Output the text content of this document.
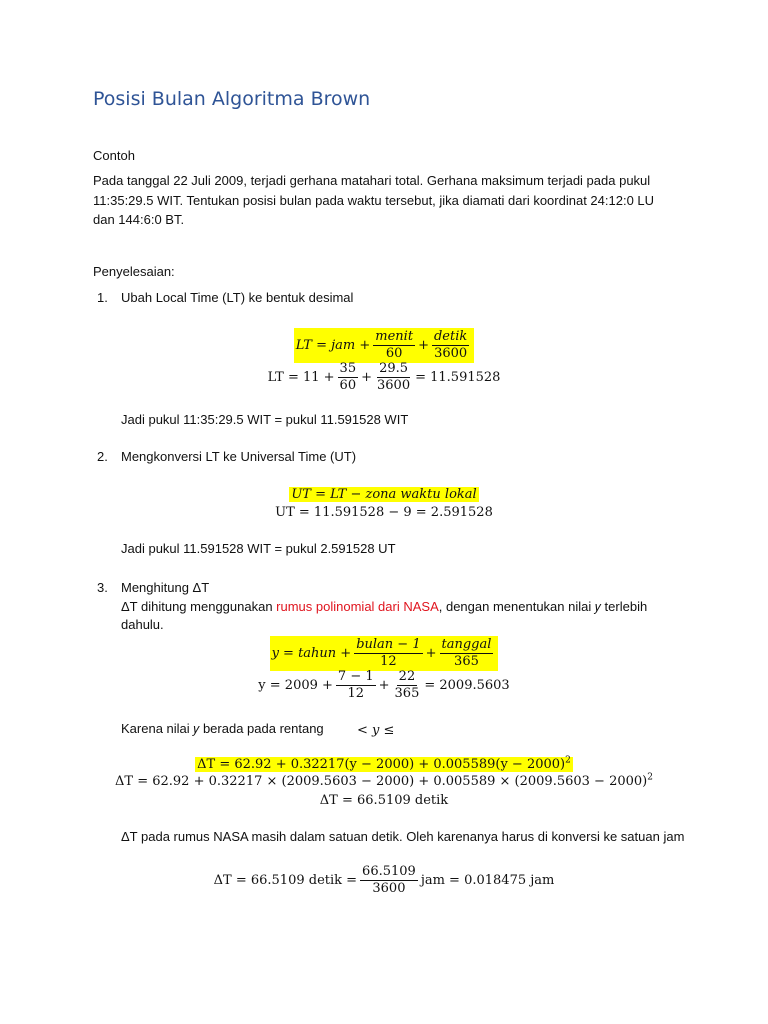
Posisi Bulan Algoritma Brown
Contoh
Pada tanggal 22 Juli 2009, terjadi gerhana matahari total. Gerhana maksimum terjadi pada pukul
11:35:29.5 WIT. Tentukan posisi bulan pada waktu tersebut, jika diamati dari koordinat 24:12:0 LU
dan 144:6:0 BT.
Penyelesaian:
1. Ubah Local Time (LT) ke bentuk desimal
LT = jam + $\frac{\text{menit}}{60} + \frac{\text{detik}}{3600}$
LT = $11 + \frac{35}{60} + \frac{29.5}{3600} = 11.591528$
Jadi pukul 11:35:29.5 WIT = pukul 11.591528 WIT
2. Mengkonversi LT ke Universal Time (UT)
UT = LT − zona waktu lokal
UT = 11.591528 − 9 = 2.591528
Jadi pukul 11.591528 WIT = pukul 2.591528 UT
3. Menghitung ΔT
ΔT dihitung menggunakan rumus polinomial dari NASA, dengan menentukan nilai 𝑦 terlebih
dahulu.
y = tahun + $\frac{\text{bulan − 1}}{12} + \frac{\text{tanggal}}{365}$
$y = 2009 + \frac{7 - 1}{12} + \frac{22}{365} = 2009.5603$
Karena nilai 𝑦 berada pada rentang	< 𝑦 ≤
$\Delta T = 62.92 + 0.32217(y - 2000) + 0.005589(y - 2000)^2$
$\Delta T = 62.92 + 0.32217 \times (2009.5603 - 2000) + 0.005589 \times (2009.5603 - 2000)^2$
ΔT = 66.5109 detik
ΔT pada rumus NASA masih dalam satuan detik. Oleh karenanya harus di konversi ke satuan jam
ΔT = 66.5109 detik = $\frac{66.5109}{3600}$ jam = 0.018475 jam
